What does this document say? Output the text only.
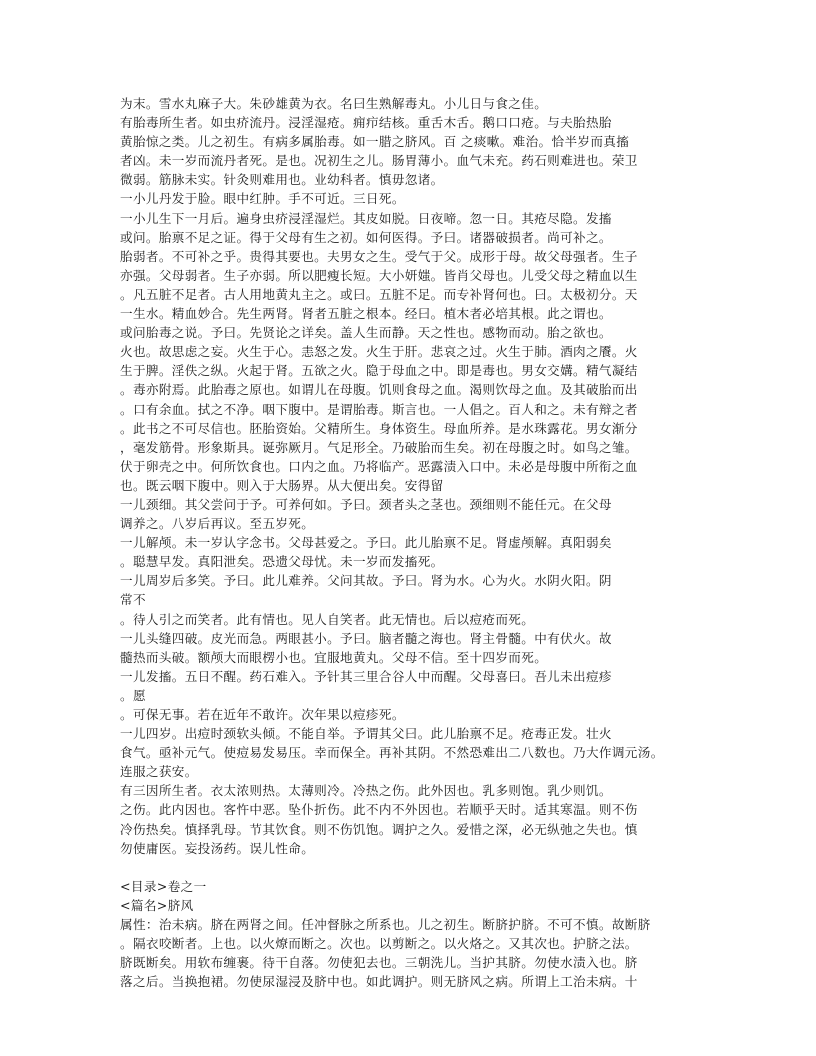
为末。雪水丸麻子大。朱砂雄黄为衣。名曰生熟解毒丸。小儿日与食之佳。
有胎毒所生者。如虫疥流丹。浸淫湿疮。痈疖结核。重舌木舌。鹅口口疮。与夫胎热胎
黄胎惊之类。儿之初生。有病多属胎毒。如一腊之脐风。百 之痰嗽。难治。恰半岁而真搐
者凶。未一岁而流丹者死。是也。况初生之儿。肠胃薄小。血气未充。药石则难进也。荣卫
微弱。筋脉未实。针灸则难用也。业幼科者。慎毋忽诸。
一小儿丹发于脸。眼中红肿。手不可近。三日死。
一小儿生下一月后。遍身虫疥浸淫湿烂。其皮如脱。日夜啼。忽一日。其疮尽隐。发搐
或问。胎禀不足之证。得于父母有生之初。如何医得。予曰。诸器破损者。尚可补之。
胎弱者。不可补之乎。贵得其要也。夫男女之生。受气于父。成形于母。故父母强者。生子
亦强。父母弱者。生子亦弱。所以肥瘦长短。大小妍媸。皆肖父母也。儿受父母之精血以生
。凡五脏不足者。古人用地黄丸主之。或曰。五脏不足。而专补肾何也。曰。太极初分。天
一生水。精血妙合。先生两肾。肾者五脏之根本。经曰。植木者必培其根。此之谓也。
或问胎毒之说。予曰。先贤论之详矣。盖人生而静。天之性也。感物而动。胎之欲也。
火也。故思虑之妄。火生于心。恚怒之发。火生于肝。悲哀之过。火生于肺。酒肉之餍。火
生于脾。淫佚之纵。火起于肾。五欲之火。隐于母血之中。即是毒也。男女交媾。精气凝结
。毒亦附焉。此胎毒之原也。如谓儿在母腹。饥则食母之血。渴则饮母之血。及其破胎而出
。口有余血。拭之不净。咽下腹中。是谓胎毒。斯言也。一人倡之。百人和之。未有辩之者
。此书之不可尽信也。胚胎资始。父精所生。身体资生。母血所养。是水珠露花。男女渐分
，毫发筋骨。形象斯具。诞弥厥月。气足形全。乃破胎而生矣。初在母腹之时。如鸟之雏。
伏于卵壳之中。何所饮食也。口内之血。乃将临产。恶露渍入口中。未必是母腹中所衔之血
也。既云咽下腹中。则入于大肠界。从大便出矣。安得留
一儿颈细。其父尝问于予。可养何如。予曰。颈者头之茎也。颈细则不能任元。在父母
调养之。八岁后再议。至五岁死。
一儿解颅。未一岁认字念书。父母甚爱之。予曰。此儿胎禀不足。肾虚颅解。真阳弱矣
。聪慧早发。真阳泄矣。恐遗父母忧。未一岁而发搐死。
一儿周岁后多笑。予曰。此儿难养。父问其故。予曰。肾为水。心为火。水阴火阳。阴
常不
。待人引之而笑者。此有情也。见人自笑者。此无情也。后以痘疮而死。
一儿头缝四破。皮光而急。两眼甚小。予曰。脑者髓之海也。肾主骨髓。中有伏火。故
髓热而头破。额颅大而眼楞小也。宜服地黄丸。父母不信。至十四岁而死。
一儿发搐。五日不醒。药石难入。予针其三里合谷人中而醒。父母喜曰。吾儿未出痘疹
。愿
。可保无事。若在近年不敢许。次年果以痘疹死。
一儿四岁。出痘时颈软头倾。不能自举。予谓其父曰。此儿胎禀不足。疮毒正发。壮火
食气。亟补元气。使痘易发易压。幸而保全。再补其阴。不然恐难出二八数也。乃大作调元汤。
连服之获安。
有三因所生者。衣太浓则热。太薄则冷。冷热之伤。此外因也。乳多则饱。乳少则饥。
之伤。此内因也。客忤中恶。坠仆折伤。此不内不外因也。若顺乎天时。适其寒温。则不伤
冷伤热矣。慎择乳母。节其饮食。则不伤饥饱。调护之久。爱惜之深，必无纵弛之失也。慎
勿使庸医。妄投汤药。误儿性命。
<目录>卷之一
<篇名>脐风
属性：治未病。脐在两肾之间。任冲督脉之所系也。儿之初生。断脐护脐。不可不慎。故断脐
。隔衣咬断者。上也。以火燎而断之。次也。以剪断之。以火烙之。又其次也。护脐之法。
脐既断矣。用软布缠裹。待干自落。勿使犯去也。三朝洗儿。当护其脐。勿使水渍入也。脐
落之后。当换抱裙。勿使尿湿浸及脐中也。如此调护。则无脐风之病。所谓上工治未病。十
